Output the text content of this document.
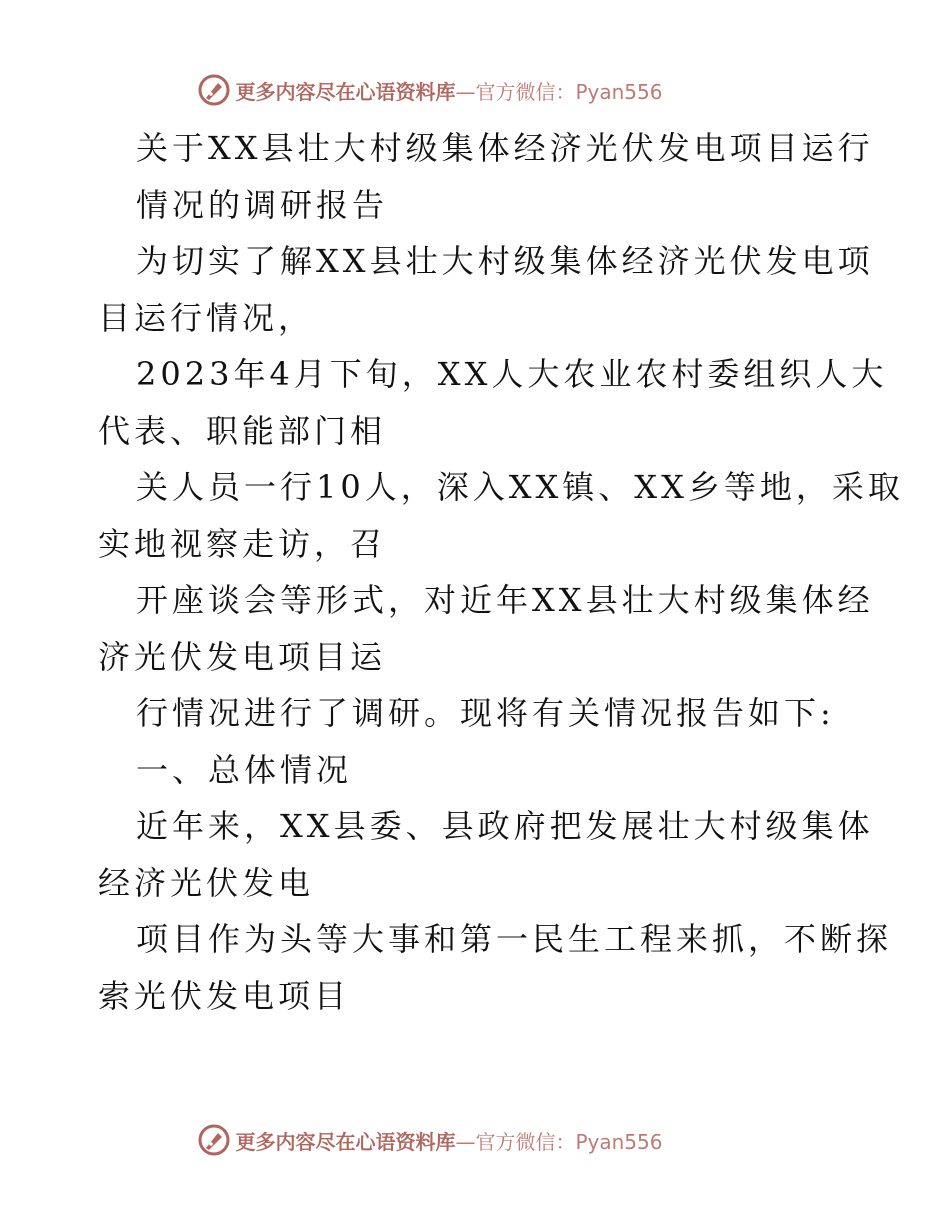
更多内容尽在心语资料库—官方微信：Pyan556
关于XX县壮大村级集体经济光伏发电项目运行
情况的调研报告
为切实了解XX县壮大村级集体经济光伏发电项
目运行情况，
2023年4月下旬，XX人大农业农村委组织人大
代表、职能部门相
关人员一行10人，深入XX镇、XX乡等地，采取
实地视察走访，召
开座谈会等形式，对近年XX县壮大村级集体经
济光伏发电项目运
行情况进行了调研。现将有关情况报告如下:
一、总体情况
近年来，XX县委、县政府把发展壮大村级集体
经济光伏发电
项目作为头等大事和第一民生工程来抓，不断探
索光伏发电项目
更多内容尽在心语资料库—官方微信：Pyan556
